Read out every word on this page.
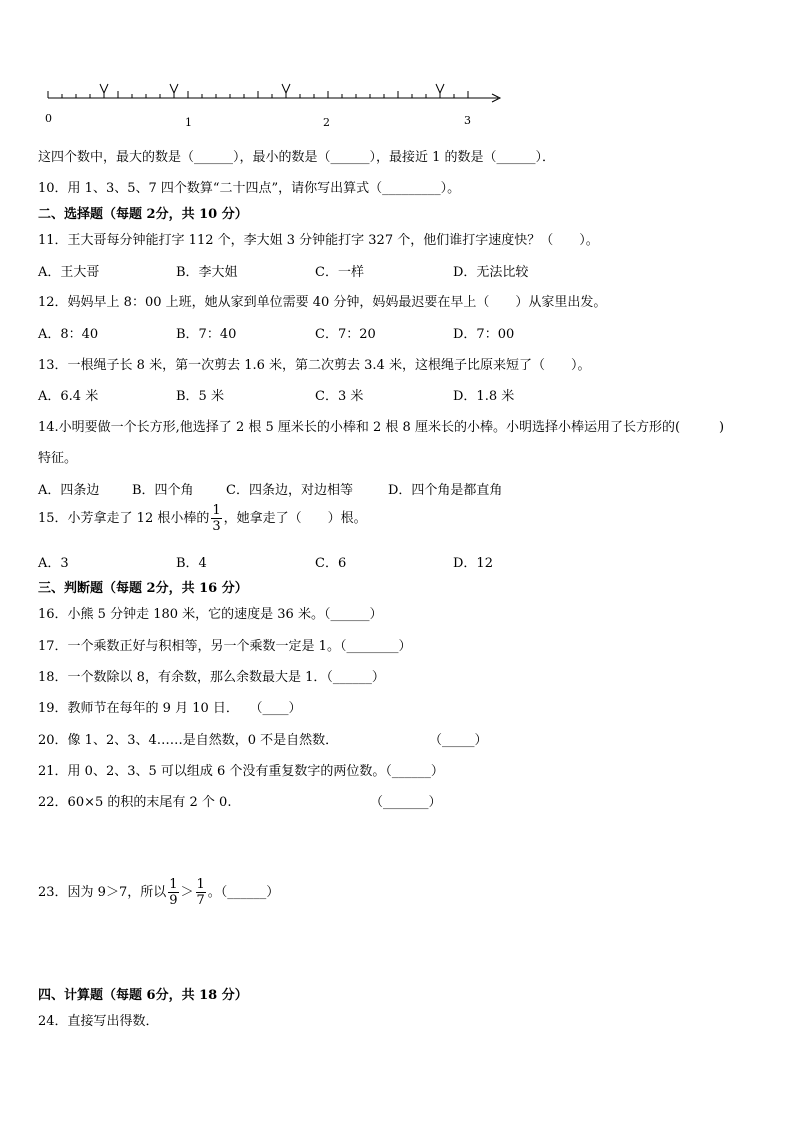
0	1	2	3
这四个数中，最大的数是（______），最小的数是（______），最接近 1 的数是（______）．
10．用 1、3、5、7 四个数算“二十四点”，请你写出算式（_________）。
二、选择题（每题 2分，共 10 分）
11．王大哥每分钟能打字 112 个，李大姐 3 分钟能打字 327 个，他们谁打字速度快？（　　）。
A．王大哥	B．李大姐	C．一样	D．无法比较
12．妈妈早上 8：00 上班，她从家到单位需要 40 分钟，妈妈最迟要在早上（　　）从家里出发。
A．8：40	B．7：40	C．7：20	D．7：00
13．一根绳子长 8 米，第一次剪去 1.6 米，第二次剪去 3.4 米，这根绳子比原来短了（　　）。
A．6.4 米	B．5 米	C．3 米	D．1.8 米
14.小明要做一个长方形,他选择了 2 根 5 厘米长的小棒和 2 根 8 厘米长的小棒。小明选择小棒运用了长方形的(　　　)
特征。
A．四条边	B．四个角 C．四条边，对边相等	D．四个角是都直角
15．小芳拿走了 12 根小棒的 $\frac{1}{3}$ ，她拿走了（　　）根。
A．3	B．4	C．6	D．12
三、判断题（每题 2分，共 16 分）
16．小熊 5 分钟走 180 米，它的速度是 36 米。（______）
17．一个乘数正好与积相等，另一个乘数一定是 1。（________）
18．一个数除以 8，有余数，那么余数最大是 1．（______）
19．教师节在每年的 9 月 10 日．　 （____）
20．像 1、2、3、4……是自然数，0 不是自然数．	（_____）
21．用 0、2、3、5 可以组成 6 个没有重复数字的两位数。（______）
22．60×5 的积的末尾有 2 个 0.	（_______）
23．因为 9＞7，所以 $\frac{1}{9} > \frac{1}{7}$ 。（______）
四、计算题（每题 6分，共 18 分）
24．直接写出得数．
